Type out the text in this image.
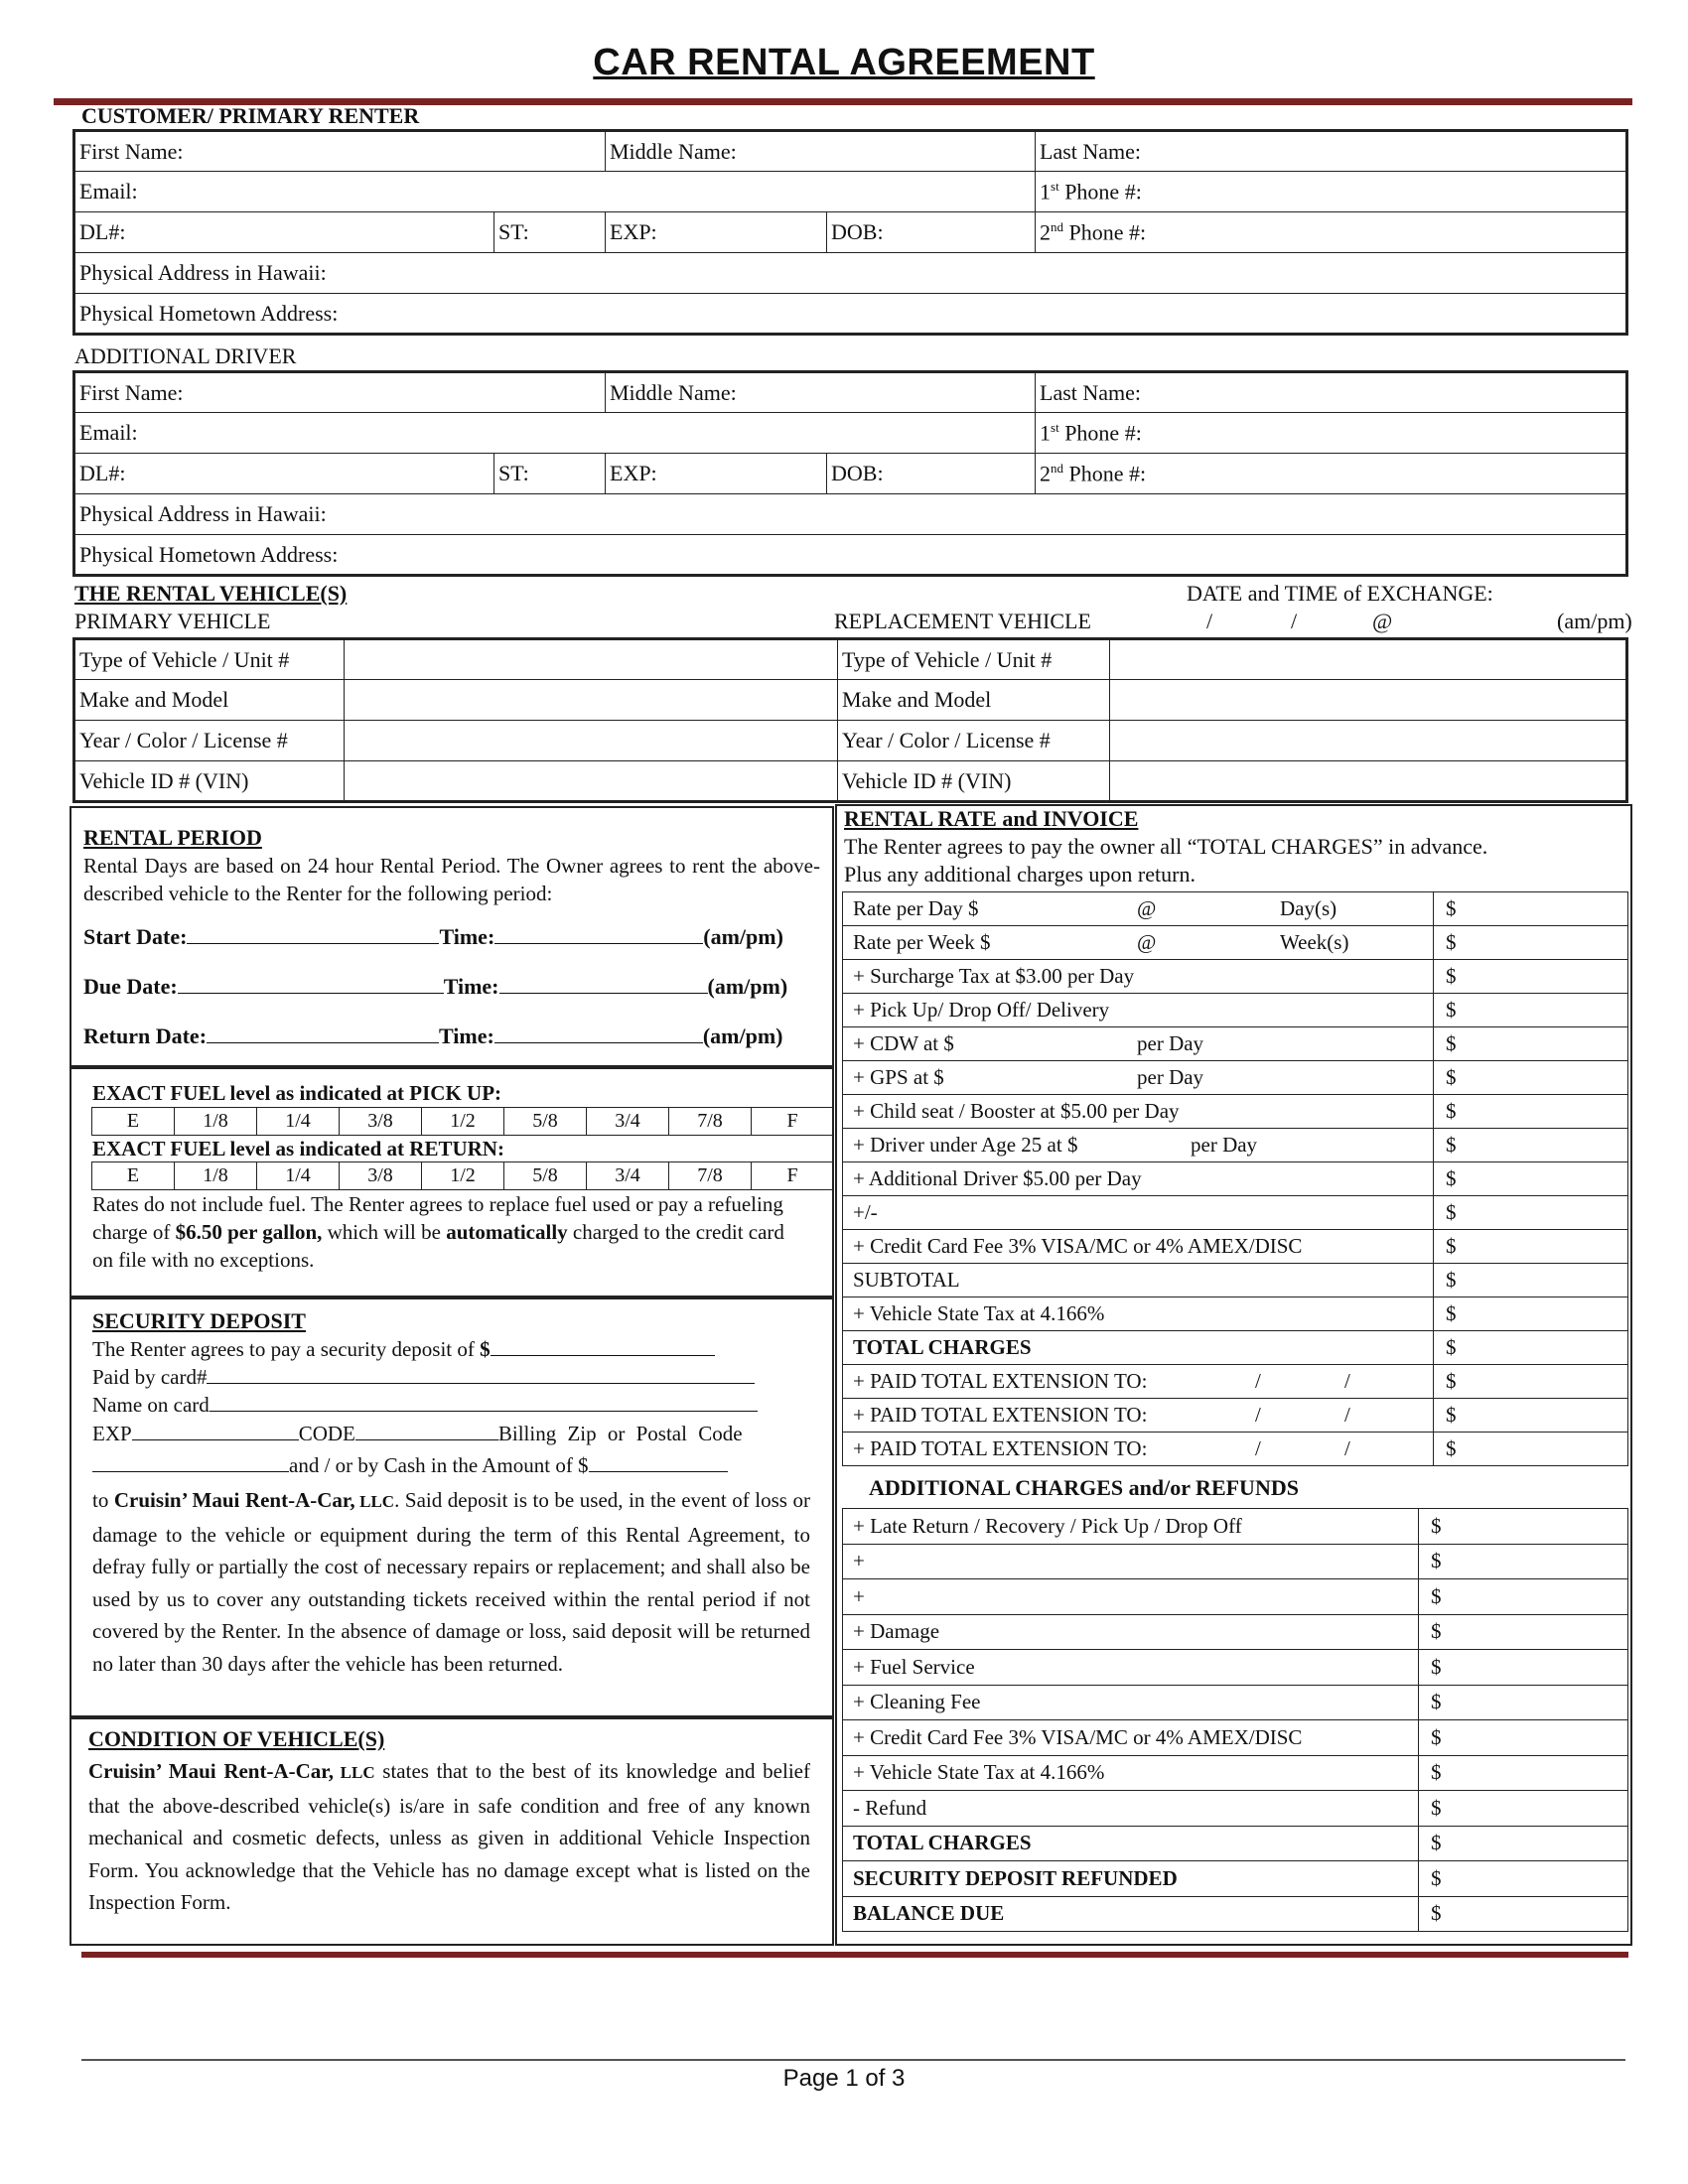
CAR RENTAL AGREEMENT
CUSTOMER/ PRIMARY RENTER
First Name:		Middle Name:		Last Name:
Email:				1st Phone #:
DL#:	ST:	EXP:	DOB:	2nd Phone #:
Physical Address in Hawaii:				
Physical Hometown Address:				
ADDITIONAL DRIVER
First Name:		Middle Name:		Last Name:
Email:				1st Phone #:
DL#:	ST:	EXP:	DOB:	2nd Phone #:
Physical Address in Hawaii:				
Physical Hometown Address:				
THE RENTAL VEHICLE(S)	DATE and TIME of EXCHANGE:
PRIMARY VEHICLE	REPLACEMENT VEHICLE	/	/	@	(am/pm)
Type of Vehicle / Unit #		Type of Vehicle / Unit #	
Make and Model		Make and Model	
Year / Color / License #		Year / Color / License #	
Vehicle ID # (VIN)		Vehicle ID # (VIN)	

RENTAL PERIOD

Rental Days are based on 24 hour Rental Period. The Owner agrees to rent the above-described vehicle to the Renter for the following period:

Start Date:	Time:	(am/pm)
Due Date:	Time:	(am/pm)
Return Date:	Time:	(am/pm)

EXACT FUEL level as indicated at PICK UP:

E	1/8	1/4	3/8	1/2	5/8	3/4	7/8	F

EXACT FUEL level as indicated at RETURN:

E	1/8	1/4	3/8	1/2	5/8	3/4	7/8	F

Rates do not include fuel. The Renter agrees to replace fuel used or pay a refueling charge of $6.50 per gallon, which will be automatically charged to the credit card on file with no exceptions.

SECURITY DEPOSIT

The Renter agrees to pay a security deposit of $

Paid by card#

Name on card

EXP	CODE	Billing Zip or Postal Code

and / or by Cash in the Amount of $

to Cruisin’ Maui Rent-A-Car, LLC. Said deposit is to be used, in the event of loss or damage to the vehicle or equipment during the term of this Rental Agreement, to defray fully or partially the cost of necessary repairs or replacement; and shall also be used by us to cover any outstanding tickets received within the rental period if not covered by the Renter. In the absence of damage or loss, said deposit will be returned no later than 30 days after the vehicle has been returned.

CONDITION OF VEHICLE(S)

Cruisin’ Maui Rent-A-Car, LLC states that to the best of its knowledge and belief that the above-described vehicle(s) is/are in safe condition and free of any known mechanical and cosmetic defects, unless as given in additional Vehicle Inspection Form. You acknowledge that the Vehicle has no damage except what is listed on the Inspection Form.

RENTAL RATE and INVOICE
The Renter agrees to pay the owner all “TOTAL CHARGES” in advance.
Plus any additional charges upon return.
Rate per Day $ @ Day(s)	$
Rate per Week $ @ Week(s)	$
+ Surcharge Tax at $3.00 per Day	$
+ Pick Up/ Drop Off/ Delivery	$
+ CDW at $ per Day	$
+ GPS at $ per Day	$
+ Child seat / Booster at $5.00 per Day	$
+ Driver under Age 25 at $ per Day	$
+ Additional Driver $5.00 per Day	$
+/-	$
+ Credit Card Fee 3% VISA/MC or 4% AMEX/DISC	$
SUBTOTAL	$
+ Vehicle State Tax at 4.166%	$
TOTAL CHARGES	$
+ PAID TOTAL EXTENSION TO: / /	$
+ PAID TOTAL EXTENSION TO: / /	$
+ PAID TOTAL EXTENSION TO: / /	$
ADDITIONAL CHARGES and/or REFUNDS
+ Late Return / Recovery / Pick Up / Drop Off	$
+	$
+	$
+ Damage	$
+ Fuel Service	$
+ Cleaning Fee	$
+ Credit Card Fee 3% VISA/MC or 4% AMEX/DISC	$
+ Vehicle State Tax at 4.166%	$
- Refund	$
TOTAL CHARGES	$
SECURITY DEPOSIT REFUNDED	$
BALANCE DUE	$
Page 1 of 3
